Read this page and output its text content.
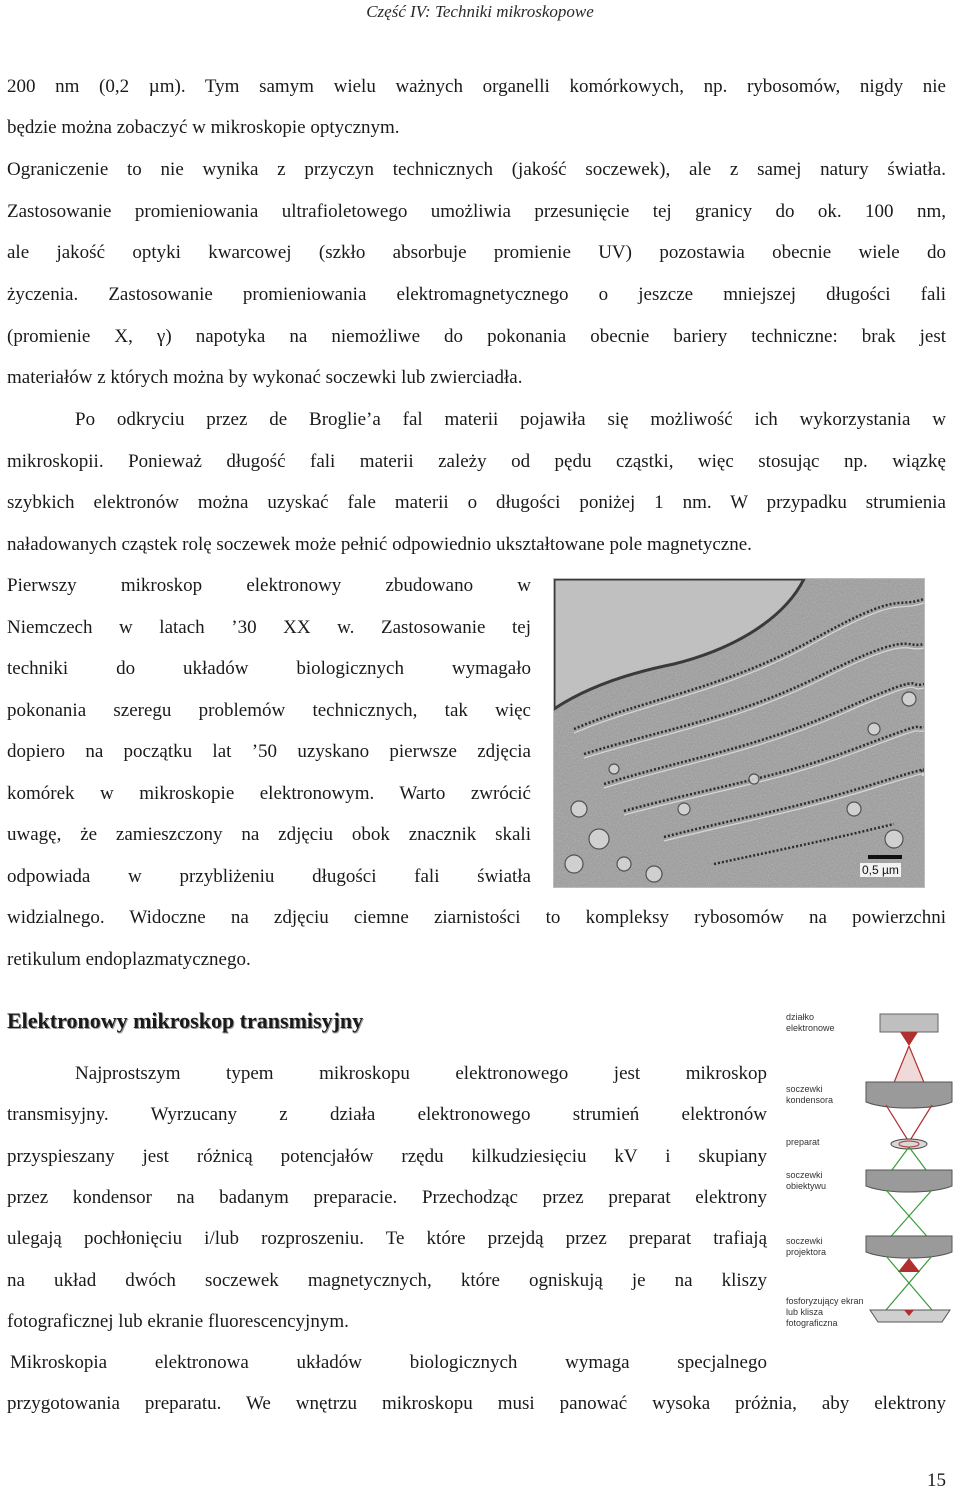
Część IV: Techniki mikroskopowe
200 nm (0,2 µm). Tym samym wielu ważnych organelli komórkowych, np. rybosomów, nigdy nie
będzie można zobaczyć w mikroskopie optycznym.
Ograniczenie to nie wynika z przyczyn technicznych (jakość soczewek), ale z samej natury światła.
Zastosowanie promieniowania ultrafioletowego umożliwia przesunięcie tej granicy do ok. 100 nm,
ale jakość optyki kwarcowej (szkło absorbuje promienie UV) pozostawia obecnie wiele do
życzenia. Zastosowanie promieniowania elektromagnetycznego o jeszcze mniejszej długości fali
(promienie X, γ) napotyka na niemożliwe do pokonania obecnie bariery techniczne: brak jest
materiałów z których można by wykonać soczewki lub zwierciadła.
Po odkryciu przez de Broglie’a fal materii pojawiła się możliwość ich wykorzystania w
mikroskopii. Ponieważ długość fali materii zależy od pędu cząstki, więc stosując np. wiązkę
szybkich elektronów można uzyskać fale materii o długości poniżej 1 nm. W przypadku strumienia
naładowanych cząstek rolę soczewek może pełnić odpowiednio ukształtowane pole magnetyczne.
Pierwszy mikroskop elektronowy zbudowano w
Niemczech w latach ’30 XX w. Zastosowanie tej
techniki do układów biologicznych wymagało
pokonania szeregu problemów technicznych, tak więc
dopiero na początku lat ’50 uzyskano pierwsze zdjęcia
komórek w mikroskopie elektronowym. Warto zwrócić
uwagę, że zamieszczony na zdjęciu obok znacznik skali
odpowiada w przybliżeniu długości fali światła
widzialnego. Widoczne na zdjęciu ciemne ziarnistości to kompleksy rybosomów na powierzchni
retikulum endoplazmatycznego.
0,5 µm
Elektronowy mikroskop transmisyjny
Najprostszym typem mikroskopu elektronowego jest mikroskop
transmisyjny. Wyrzucany z działa elektronowego strumień elektronów
przyspieszany jest różnicą potencjałów rzędu kilkudziesięciu kV i skupiany
przez kondensor na badanym preparacie. Przechodząc przez preparat elektrony
ulegają pochłonięciu i/lub rozproszeniu. Te które przejdą przez preparat trafiają
na układ dwóch soczewek magnetycznych, które ogniskują je na kliszy
fotograficznej lub ekranie fluorescencyjnym.
Mikroskopia elektronowa układów biologicznych wymaga specjalnego
przygotowania preparatu. We wnętrzu mikroskopu musi panować wysoka próżnia, aby elektrony
działko
elektronowe
soczewki
kondensora
preparat
soczewki
obiektywu
soczewki
projektora
fosforyzujący ekran
lub klisza
fotograficzna
15
